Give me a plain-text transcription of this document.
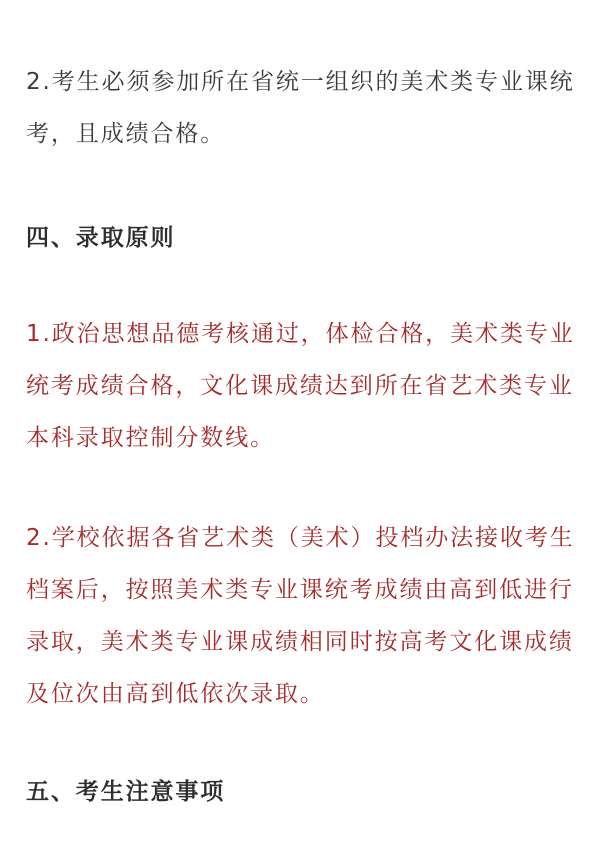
2.考生必须参加所在省统一组织的美术类专业课统考，且成绩合格。

四、录取原则

1.政治思想品德考核通过，体检合格，美术类专业统考成绩合格，文化课成绩达到所在省艺术类专业本科录取控制分数线。

2.学校依据各省艺术类（美术）投档办法接收考生档案后，按照美术类专业课统考成绩由高到低进行录取，美术类专业课成绩相同时按高考文化课成绩及位次由高到低依次录取。

五、考生注意事项
